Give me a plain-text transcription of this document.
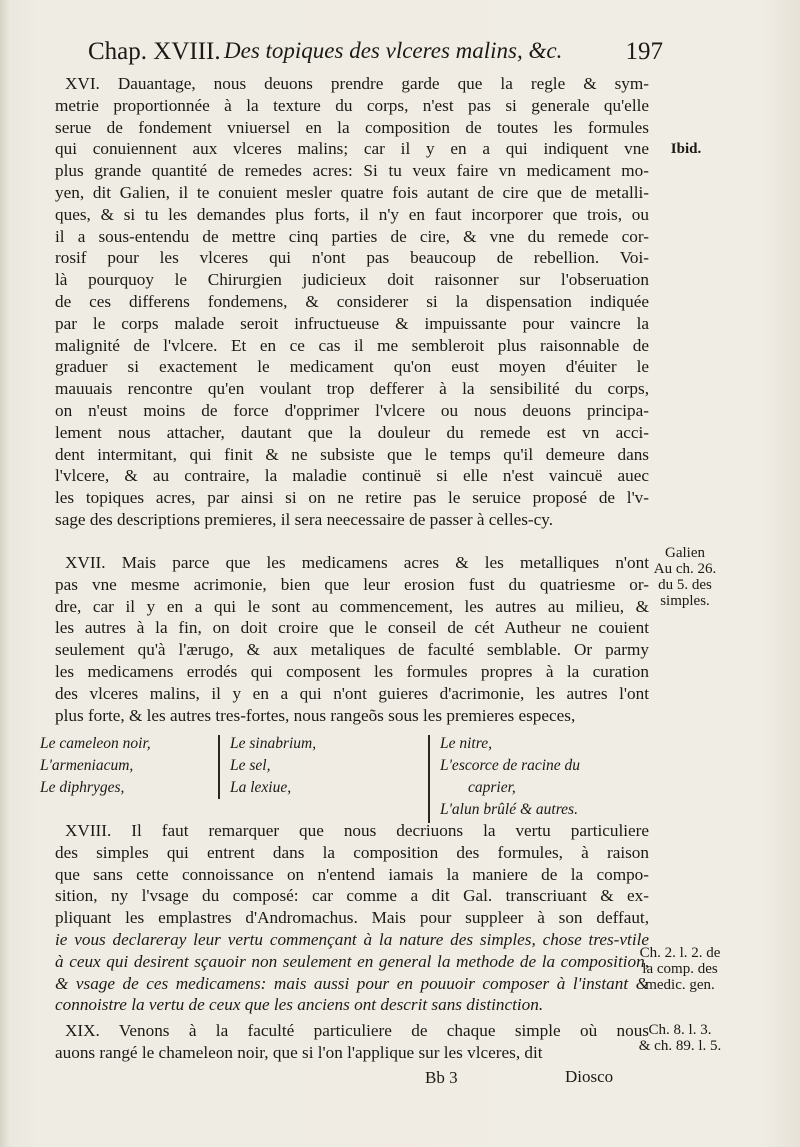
Chap. XVIII. Des topiques des vlceres malins, &c.	197
XVI. Dauantage, nous deuons prendre garde que la regle & sym-
metrie proportionnée à la texture du corps, n'est pas si generale qu'elle
serue de fondement vniuersel en la composition de toutes les formules
qui conuiennent aux vlceres malins; car il y en a qui indiquent vne
plus grande quantité de remedes acres: Si tu veux faire vn medicament mo-
yen, dit Galien, il te conuient mesler quatre fois autant de cire que de metalli-
ques, & si tu les demandes plus forts, il n'y en faut incorporer que trois, ou
il a sous-entendu de mettre cinq parties de cire, & vne du remede cor-
rosif pour les vlceres qui n'ont pas beaucoup de rebellion. Voi-
là pourquoy le Chirurgien judicieux doit raisonner sur l'obseruation
de ces differens fondemens, & considerer si la dispensation indiquée
par le corps malade seroit infructueuse & impuissante pour vaincre la
malignité de l'vlcere. Et en ce cas il me sembleroit plus raisonnable de
graduer si exactement le medicament qu'on eust moyen d'éuiter le
mauuais rencontre qu'en voulant trop defferer à la sensibilité du corps,
on n'eust moins de force d'opprimer l'vlcere ou nous deuons principa-
lement nous attacher, dautant que la douleur du remede est vn acci-
dent intermitant, qui finit & ne subsiste que le temps qu'il demeure dans
l'vlcere, & au contraire, la maladie continuë si elle n'est vaincuë auec
les topiques acres, par ainsi si on ne retire pas le seruice proposé de l'v-
sage des descriptions premieres, il sera neecessaire de passer à celles-cy.
XVII. Mais parce que les medicamens acres & les metalliques n'ont
pas vne mesme acrimonie, bien que leur erosion fust du quatriesme or-
dre, car il y en a qui le sont au commencement, les autres au milieu, &
les autres à la fin, on doit croire que le conseil de cét Autheur ne couient
seulement qu'à l'ærugo, & aux metaliques de faculté semblable. Or parmy
les medicamens errodés qui composent les formules propres à la curation
des vlceres malins, il y en a qui n'ont guieres d'acrimonie, les autres l'ont
plus forte, & les autres tres-fortes, nous rangeõs sous les premieres especes,
Le cameleon noir,
L'armeniacum,
Le diphryges,
Le sinabrium,
Le sel,
La lexiue,
Le nitre,
L'escorce de racine du
caprier,
L'alun brûlé & autres.
XVIII. Il faut remarquer que nous decriuons la vertu particuliere
des simples qui entrent dans la composition des formules, à raison
que sans cette connoissance on n'entend iamais la maniere de la compo-
sition, ny l'vsage du composé: car comme a dit Gal. transcriuant & ex-
pliquant les emplastres d'Andromachus. Mais pour suppleer à son deffaut,
ie vous declareray leur vertu commençant à la nature des simples, chose tres-vtile
à ceux qui desirent sçauoir non seulement en general la methode de la composition,
& vsage de ces medicamens: mais aussi pour en pouuoir composer à l'instant &
connoistre la vertu de ceux que les anciens ont descrit sans distinction.
XIX. Venons à la faculté particuliere de chaque simple où nous
auons rangé le chameleon noir, que si l'on l'applique sur les vlceres, dit
Ibid.
Galien
Au ch. 26.
du 5. des
simples.
Ch. 2. l. 2. de
la comp. des
medic. gen.
Ch. 8. l. 3.
& ch. 89. l. 5.
Bb 3	Diosco
